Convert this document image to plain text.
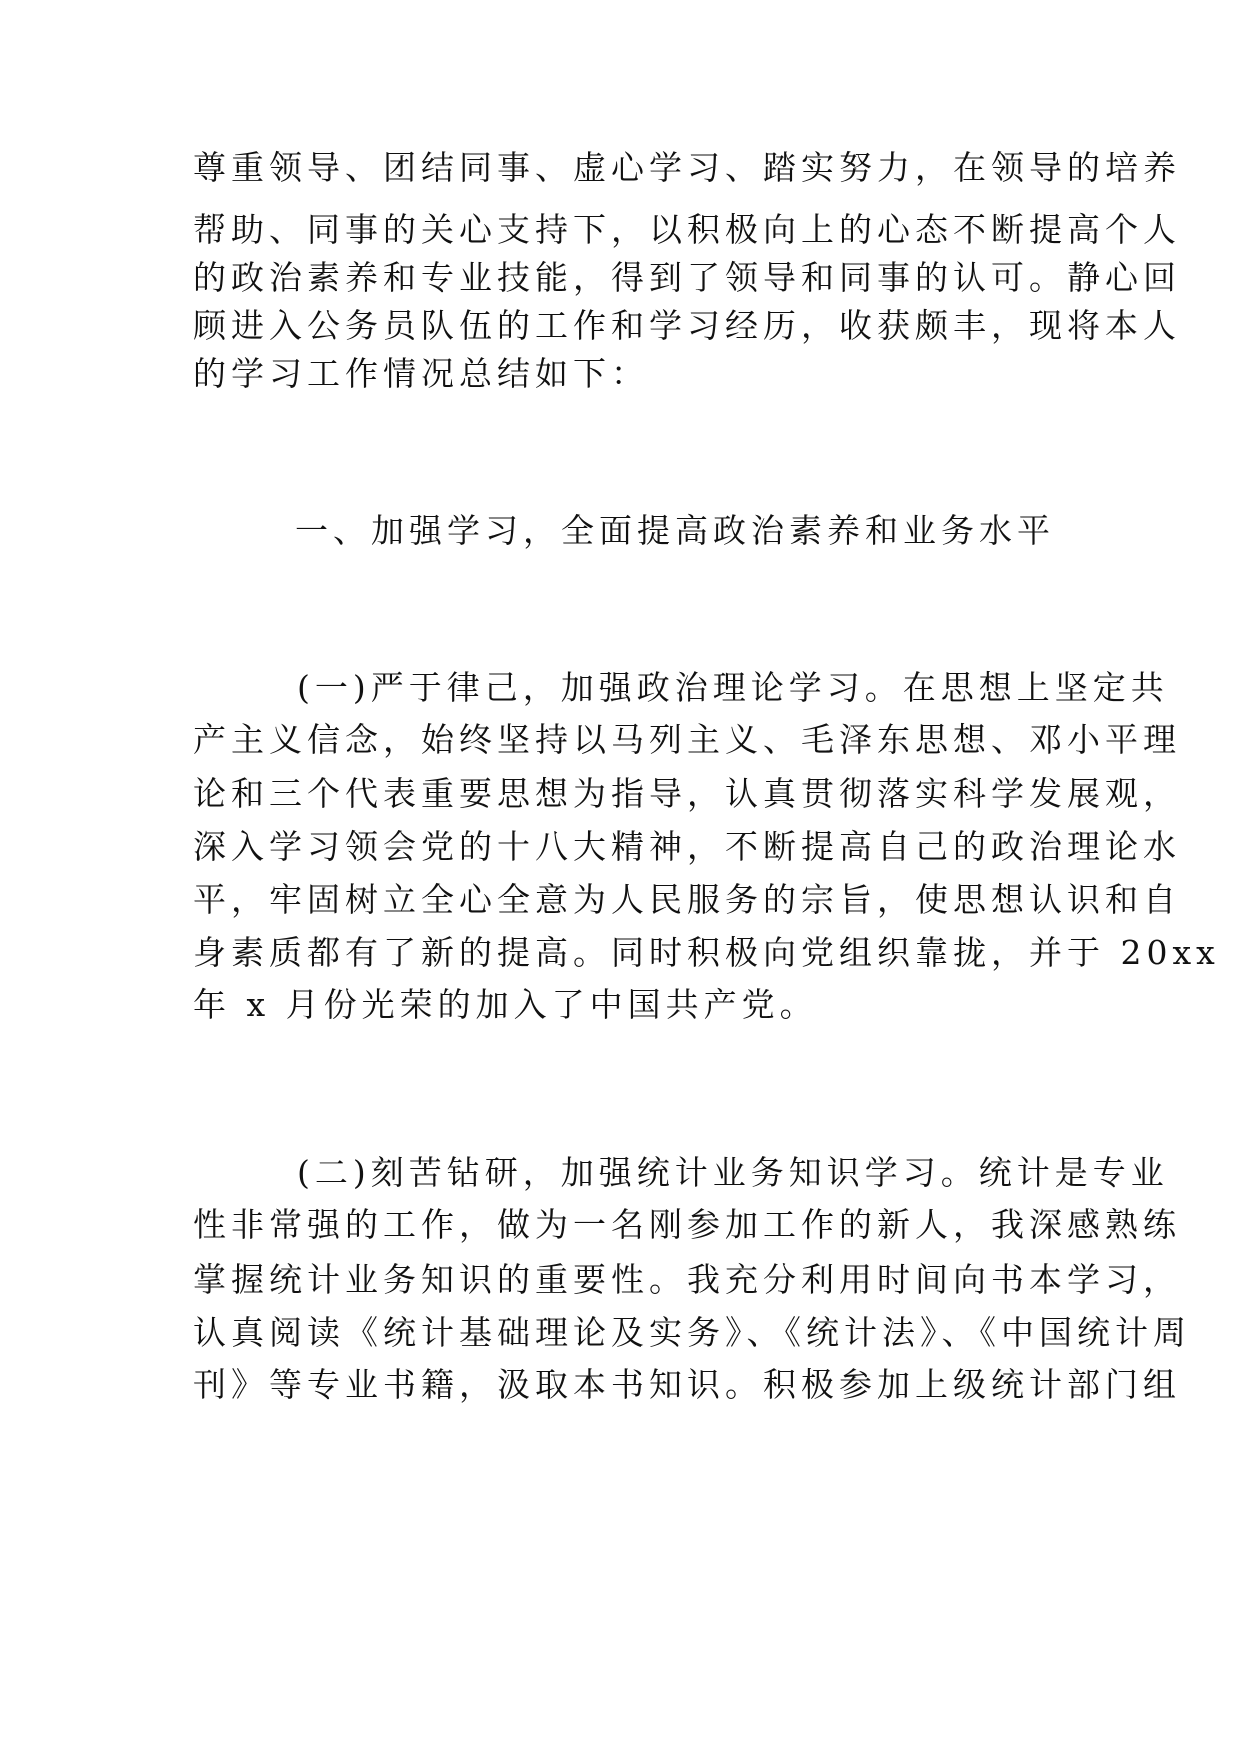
尊重领导、团结同事、虚心学习、踏实努力，在领导的培养

帮助、同事的关心支持下，以积极向上的心态不断提高个人

的政治素养和专业技能，得到了领导和同事的认可。静心回

顾进入公务员队伍的工作和学习经历，收获颇丰，现将本人

的学习工作情况总结如下：

一、加强学习，全面提高政治素养和业务水平

(一)严于律己，加强政治理论学习。在思想上坚定共

产主义信念，始终坚持以马列主义、毛泽东思想、邓小平理

论和三个代表重要思想为指导，认真贯彻落实科学发展观，

深入学习领会党的十八大精神，不断提高自己的政治理论水

平，牢固树立全心全意为人民服务的宗旨，使思想认识和自

身素质都有了新的提高。同时积极向党组织靠拢，并于 20xx

年 x 月份光荣的加入了中国共产党。

(二)刻苦钻研，加强统计业务知识学习。统计是专业

性非常强的工作，做为一名刚参加工作的新人，我深感熟练

掌握统计业务知识的重要性。我充分利用时间向书本学习，

认真阅读《统计基础理论及实务》、《统计法》、《中国统计周

刊》等专业书籍，汲取本书知识。积极参加上级统计部门组
